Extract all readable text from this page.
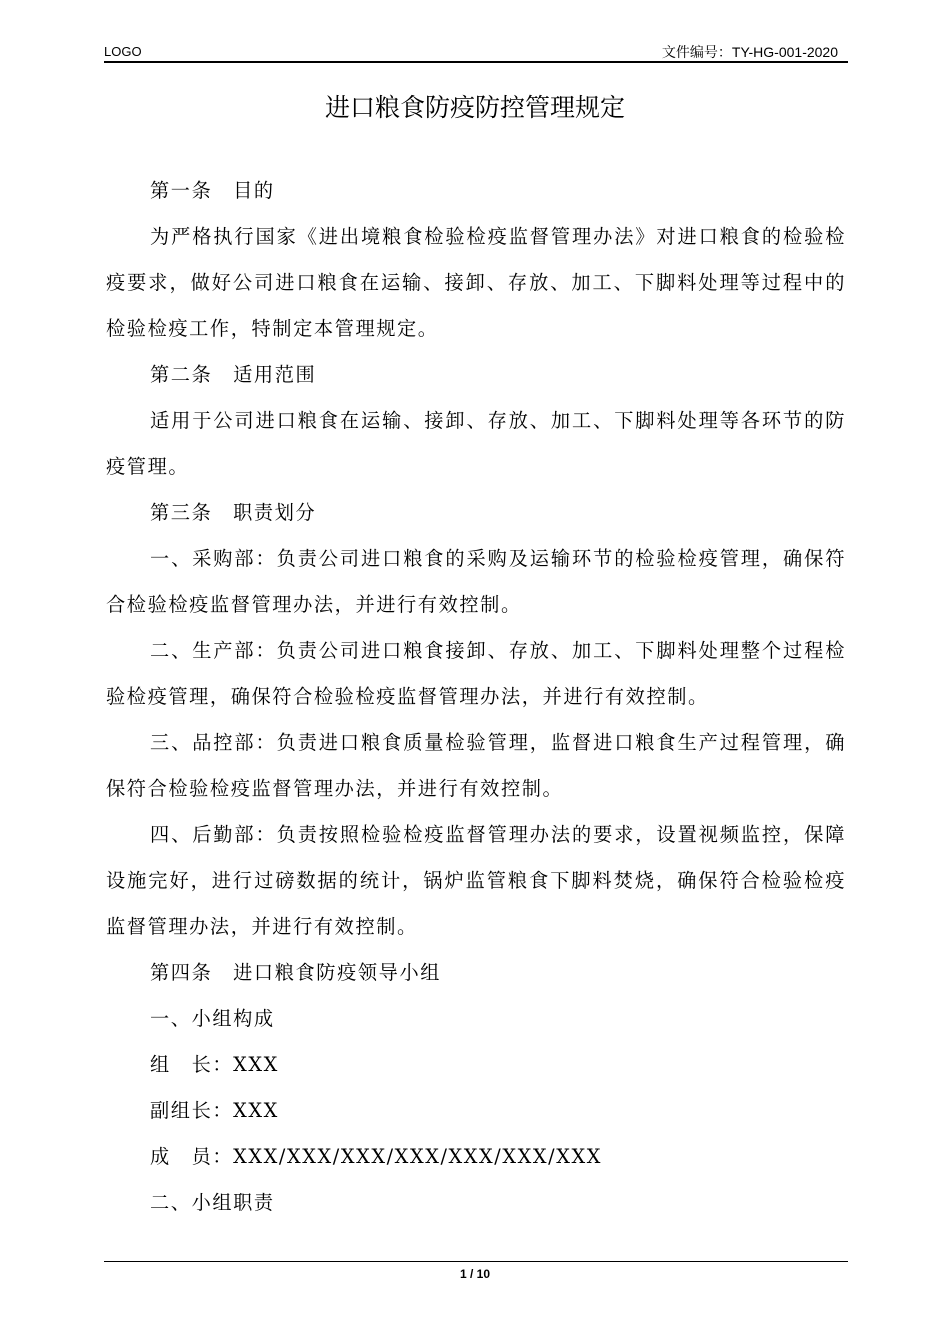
LOGO	文件编号：TY-HG-001-2020
进口粮食防疫防控管理规定

第一条　目的

为严格执行国家《进出境粮食检验检疫监督管理办法》对进口粮食的检验检疫要求，做好公司进口粮食在运输、接卸、存放、加工、下脚料处理等过程中的检验检疫工作，特制定本管理规定。

第二条　适用范围

适用于公司进口粮食在运输、接卸、存放、加工、下脚料处理等各环节的防疫管理。

第三条　职责划分

一、采购部：负责公司进口粮食的采购及运输环节的检验检疫管理，确保符合检验检疫监督管理办法，并进行有效控制。

二、生产部：负责公司进口粮食接卸、存放、加工、下脚料处理整个过程检验检疫管理，确保符合检验检疫监督管理办法，并进行有效控制。

三、品控部：负责进口粮食质量检验管理，监督进口粮食生产过程管理，确保符合检验检疫监督管理办法，并进行有效控制。

四、后勤部：负责按照检验检疫监督管理办法的要求，设置视频监控，保障设施完好，进行过磅数据的统计，锅炉监管粮食下脚料焚烧，确保符合检验检疫监督管理办法，并进行有效控制。

第四条　进口粮食防疫领导小组

一、小组构成

组　长：XXX

副组长：XXX

成　员：XXX/XXX/XXX/XXX/XXX/XXX/XXX

二、小组职责

1 / 10
